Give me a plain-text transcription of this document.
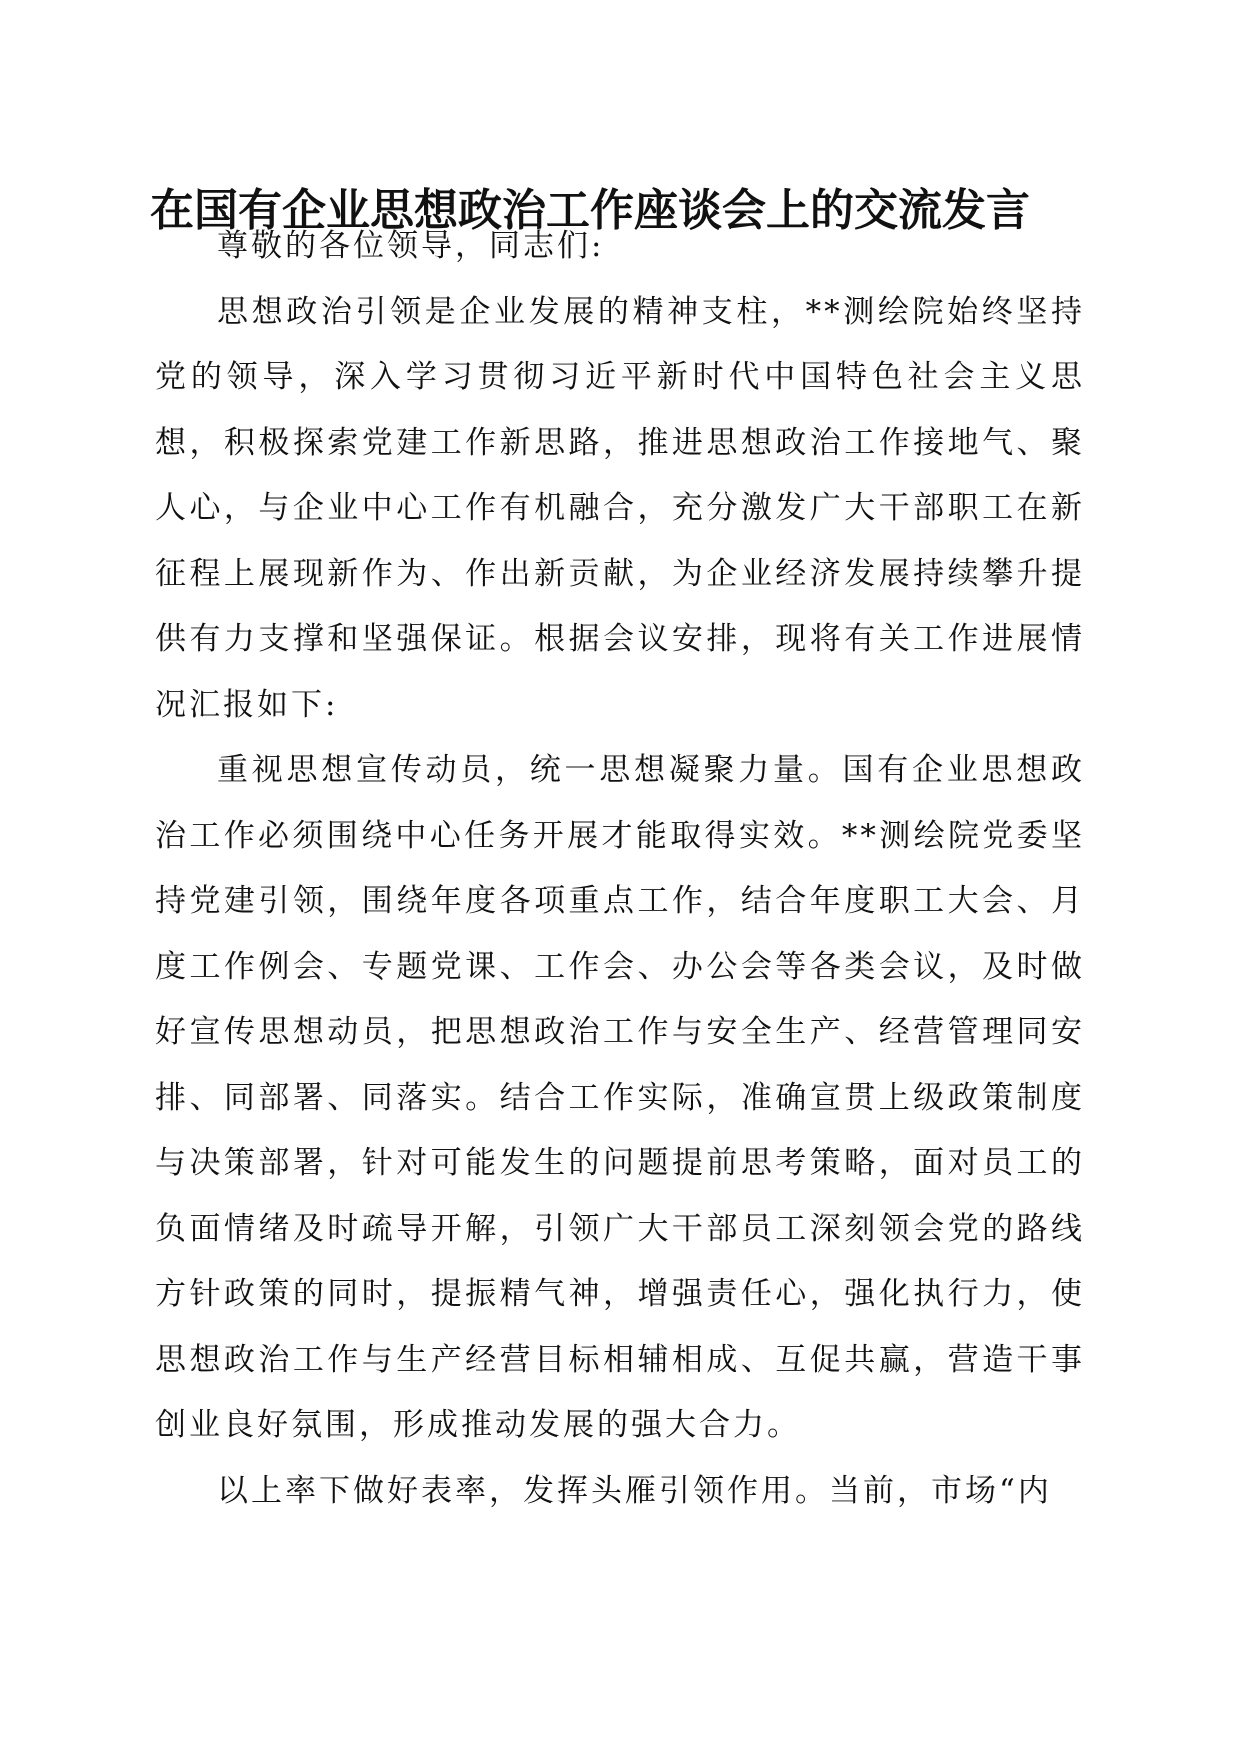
在国有企业思想政治工作座谈会上的交流发言

尊敬的各位领导，同志们:

思想政治引领是企业发展的精神支柱，**测绘院始终坚持党的领导，深入学习贯彻习近平新时代中国特色社会主义思想，积极探索党建工作新思路，推进思想政治工作接地气、聚人心，与企业中心工作有机融合，充分激发广大干部职工在新征程上展现新作为、作出新贡献，为企业经济发展持续攀升提供有力支撑和坚强保证。根据会议安排，现将有关工作进展情况汇报如下:

重视思想宣传动员，统一思想凝聚力量。国有企业思想政治工作必须围绕中心任务开展才能取得实效。**测绘院党委坚持党建引领，围绕年度各项重点工作，结合年度职工大会、月度工作例会、专题党课、工作会、办公会等各类会议，及时做好宣传思想动员，把思想政治工作与安全生产、经营管理同安排、同部署、同落实。结合工作实际，准确宣贯上级政策制度与决策部署，针对可能发生的问题提前思考策略，面对员工的负面情绪及时疏导开解，引领广大干部员工深刻领会党的路线方针政策的同时，提振精气神，增强责任心，强化执行力，使思想政治工作与生产经营目标相辅相成、互促共赢，营造干事创业良好氛围，形成推动发展的强大合力。

以上率下做好表率，发挥头雁引领作用。当前，市场“内
